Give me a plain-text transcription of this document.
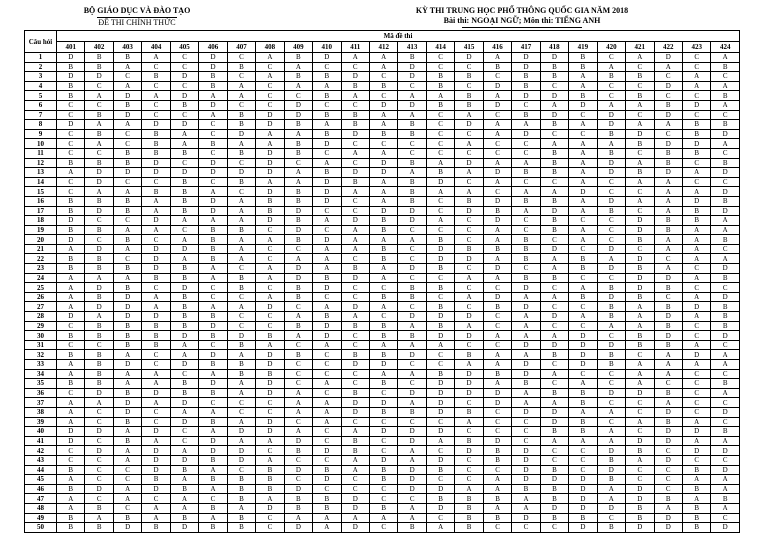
BỘ GIÁO DỤC VÀ ĐÀO TẠO
ĐỀ THI CHÍNH THỨC
KỲ THI TRUNG HỌC PHỔ THÔNG QUỐC GIA NĂM 2018
Bài thi: NGOẠI NGỮ; Môn thi: TIẾNG ANH
Câu hỏi	Mã đề thi																							
	401	402	403	404	405	406	407	408	409	410	411	412	413	414	415	416	417	418	419	420	421	422	423	424
1	D	B	B	A	C	D	C	A	B	D	A	A	B	C	D	A	D	D	B	C	A	D	C	A
2	B	B	A	C	C	D	B	C	A	C	C	A	D	C	C	B	D	B	B	A	C	A	C	B
3	D	D	C	B	D	B	C	A	B	B	D	C	D	B	B	C	B	B	A	B	B	C	A	C
4	B	C	A	C	C	B	A	C	A	A	B	B	C	B	C	D	B	C	A	C	C	D	A	A
5	B	A	D	A	D	A	A	C	C	B	A	C	A	A	B	A	D	D	B	C	B	C	C	B
6	C	C	B	C	B	D	C	C	D	C	C	D	D	B	B	D	C	A	D	A	A	B	D	A
7	C	B	D	C	C	A	B	D	D	B	B	A	A	C	A	C	B	D	C	D	C	D	C	C
8	D	A	A	D	D	C	B	D	B	A	B	A	B	C	D	A	A	B	A	D	A	A	B	B
9	C	B	C	B	A	C	D	A	A	B	D	B	B	C	C	A	D	C	C	B	D	C	B	D
10	C	A	C	B	A	B	A	A	B	D	C	C	C	C	A	C	C	A	A	A	B	D	D	A
11	C	C	B	B	B	C	B	D	B	C	A	A	C	C	C	C	C	B	A	B	C	B	B	C
12	B	B	B	D	C	D	C	D	C	A	C	D	B	A	D	A	A	B	A	D	A	B	C	B
13	A	D	D	D	D	D	D	D	A	B	D	D	A	B	A	D	B	B	A	D	B	D	A	D
14	C	D	C	C	B	C	B	A	A	D	B	A	B	D	C	A	C	C	A	C	A	A	C	C
15	C	A	A	B	B	A	C	D	B	D	A	A	B	A	A	C	A	A	D	C	C	A	A	D
16	B	B	B	A	B	D	A	B	B	D	C	A	B	C	B	D	B	B	A	D	A	A	D	B
17	B	D	B	A	B	D	A	B	D	C	C	D	D	C	D	B	A	D	A	B	C	A	B	D
18	D	C	C	D	A	A	A	D	B	A	D	B	D	A	C	D	C	B	C	C	D	B	B	A
19	B	B	A	A	C	B	B	C	D	C	A	B	C	C	C	A	C	B	A	C	D	B	A	A
20	D	C	B	C	A	B	A	A	B	D	A	A	A	B	C	A	B	C	A	C	B	A	A	B
21	A	D	A	D	D	B	A	C	C	A	A	B	C	D	B	B	B	D	C	D	C	A	A	C
22	B	B	C	D	A	B	A	C	A	A	C	B	C	D	D	A	B	A	B	A	D	C	A	A
23	B	B	B	D	B	A	C	A	D	A	B	A	D	B	C	D	C	A	B	D	B	A	C	D
24	A	A	A	B	B	A	B	A	D	B	D	A	C	C	A	A	B	B	C	C	D	D	A	B
25	A	D	B	C	D	C	B	C	B	D	C	C	B	B	C	C	D	C	A	B	D	B	C	C
26	A	B	D	A	B	C	C	A	B	C	C	B	B	C	A	D	A	A	B	D	B	C	A	D
27	A	D	D	A	B	A	A	D	C	A	D	A	C	B	C	B	D	C	C	B	A	B	D	B
28	D	A	D	D	B	B	C	C	A	B	A	C	D	D	D	C	A	D	A	B	A	D	A	B
29	C	B	B	B	B	D	C	C	B	D	B	B	A	B	A	C	A	C	C	A	A	B	C	B
30	B	B	B	B	D	B	D	B	A	D	C	B	B	D	D	A	A	A	D	C	B	D	C	D
31	C	C	B	B	A	C	B	A	C	A	C	A	A	A	C	C	D	D	D	D	B	B	A	C
32	B	B	A	C	A	D	A	D	B	C	B	B	D	C	B	A	A	B	D	B	C	A	D	A
33	A	B	D	C	D	B	B	D	C	C	D	D	C	C	A	A	D	C	D	B	A	A	A	A
34	A	B	A	A	C	A	B	B	C	C	C	A	A	B	D	B	D	A	C	C	A	A	C	C
35	B	B	A	A	B	D	A	D	C	A	C	B	C	D	D	A	B	C	A	C	A	C	C	B
36	C	D	B	D	B	B	A	D	A	C	B	C	D	D	D	D	A	B	B	D	D	B	C	A
37	A	A	D	A	D	C	C	C	A	A	D	D	A	D	C	D	A	A	B	C	C	A	C	C
38	A	C	D	C	A	A	C	C	A	A	D	B	B	D	B	C	D	D	A	A	C	D	C	D
39	A	C	B	C	D	B	A	D	C	A	C	C	C	C	A	C	C	D	B	C	A	B	A	C
40	D	D	A	D	C	A	D	D	A	C	A	D	D	D	C	C	C	B	B	A	C	D	D	B
41	D	C	B	A	C	D	A	A	D	C	B	C	D	A	B	D	C	A	A	A	D	D	A	A
42	C	D	A	D	A	D	D	C	B	D	B	C	A	C	D	B	D	C	C	D	B	C	D	D
43	C	C	A	D	D	B	D	A	C	C	A	D	A	D	C	B	D	C	C	B	A	D	C	C
44	B	C	C	D	B	A	C	B	D	B	A	B	D	B	C	C	D	B	C	D	C	C	B	D
45	A	C	C	B	A	B	B	B	C	D	C	B	D	C	C	A	D	D	D	B	C	C	A	A
46	B	D	A	D	B	A	B	B	D	C	C	C	D	D	A	A	B	B	D	A	D	C	B	A
47	A	C	A	C	A	C	B	A	B	B	D	C	C	B	B	B	A	B	D	A	D	B	A	B
48	A	B	C	A	A	B	A	D	B	B	D	B	A	D	B	A	A	D	D	D	B	A	B	A
49	B	A	B	A	B	A	B	C	A	A	A	A	A	C	B	B	D	B	B	C	B	D	B	C
50	B	B	D	B	D	B	B	C	D	A	D	C	B	A	B	C	C	C	D	B	D	D	B	D
